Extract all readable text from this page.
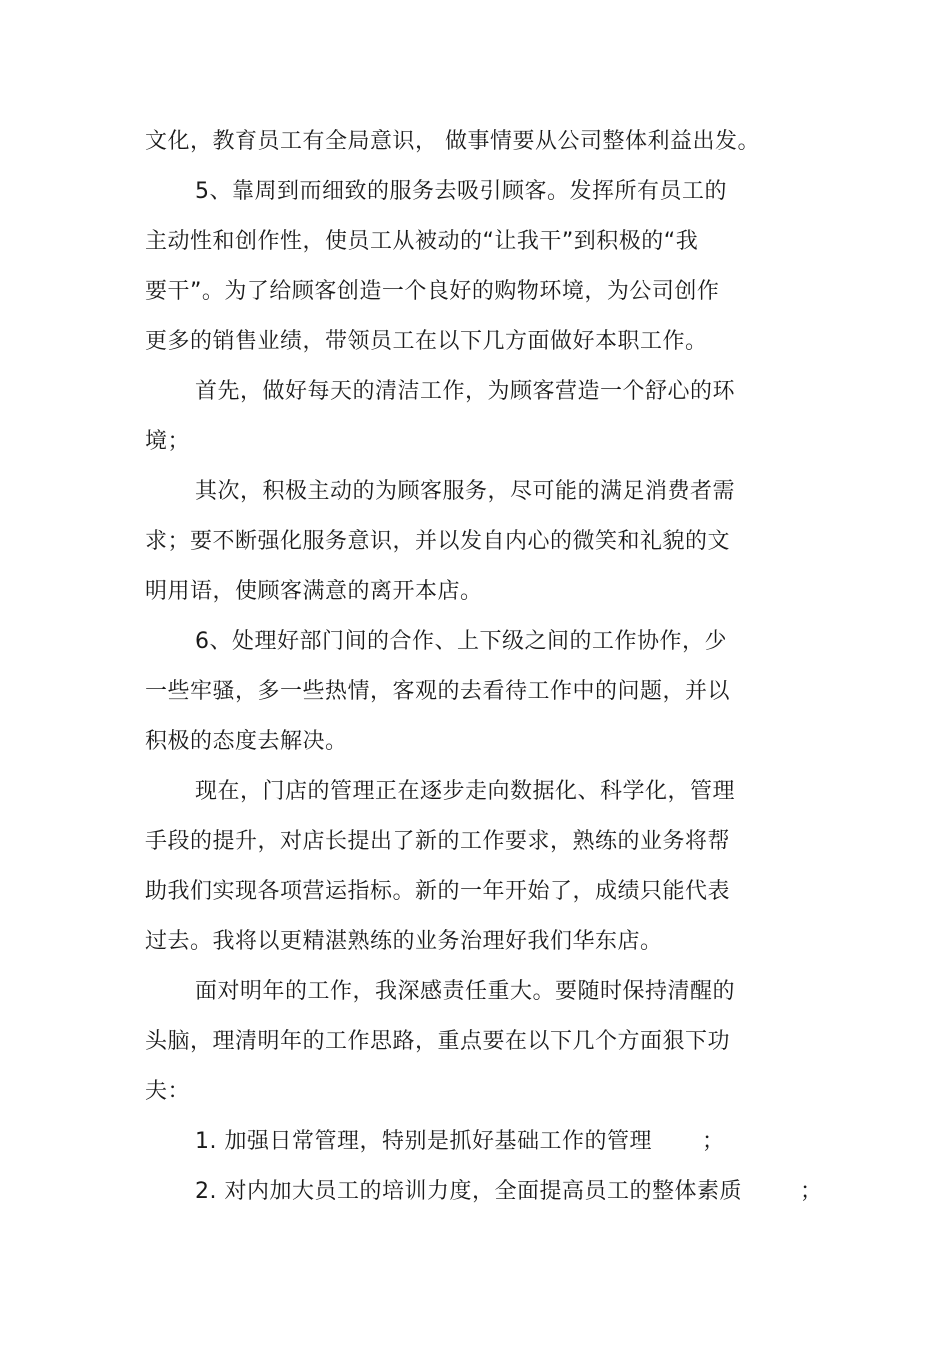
文化，教育员工有全局意识， 做事情要从公司整体利益出发。
5、靠周到而细致的服务去吸引顾客。发挥所有员工的
主动性和创作性，使员工从被动的“让我干”到积极的“我
要干”。为了给顾客创造一个良好的购物环境，为公司创作
更多的销售业绩，带领员工在以下几方面做好本职工作。
首先，做好每天的清洁工作，为顾客营造一个舒心的环
境；
其次，积极主动的为顾客服务，尽可能的满足消费者需
求；要不断强化服务意识，并以发自内心的微笑和礼貌的文
明用语，使顾客满意的离开本店。
6、处理好部门间的合作、上下级之间的工作协作，少
一些牢骚，多一些热情，客观的去看待工作中的问题，并以
积极的态度去解决。
现在，门店的管理正在逐步走向数据化、科学化，管理
手段的提升，对店长提出了新的工作要求，熟练的业务将帮
助我们实现各项营运指标。新的一年开始了，成绩只能代表
过去。我将以更精湛熟练的业务治理好我们华东店。
面对明年的工作，我深感责任重大。要随时保持清醒的
头脑，理清明年的工作思路，重点要在以下几个方面狠下功
夫：
1. 加强日常管理，特别是抓好基础工作的管理 ；
2. 对内加大员工的培训力度，全面提高员工的整体素质	；
